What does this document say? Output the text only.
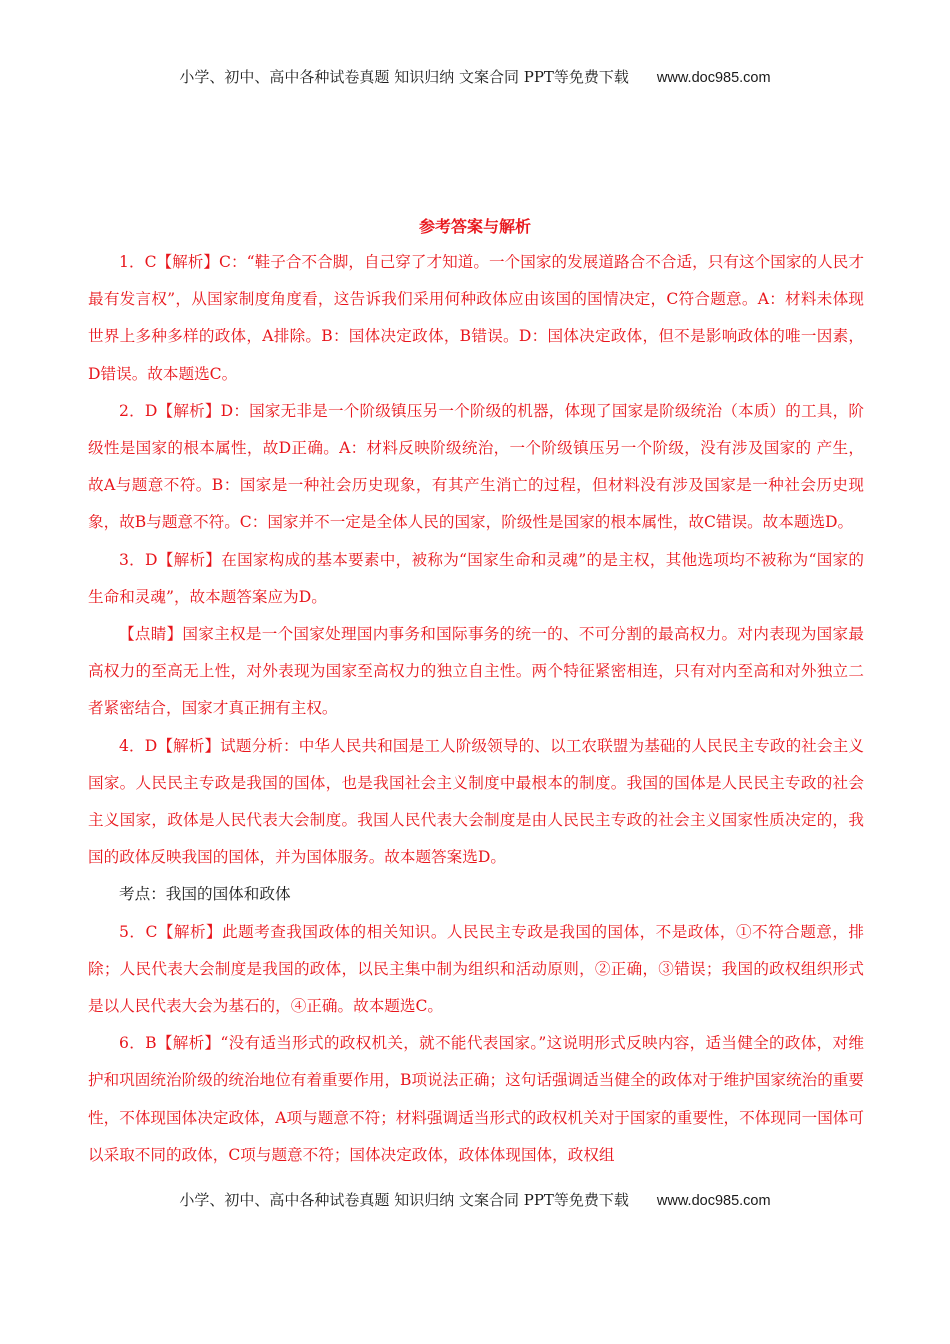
小学、初中、高中各种试卷真题 知识归纳 文案合同 PPT等免费下载 www.doc985.com
参考答案与解析

1．C【解析】C：“鞋子合不合脚，自己穿了才知道。一个国家的发展道路合不合适，只有这个国家的人民才最有发言权”，从国家制度角度看，这告诉我们采用何种政体应由该国的国情决定，C符合题意。A：材料未体现世界上多种多样的政体，A排除。B：国体决定政体，B错误。D：国体决定政体，但不是影响政体的唯一因素，D错误。故本题选C。

2．D【解析】D：国家无非是一个阶级镇压另一个阶级的机器，体现了国家是阶级统治（本质）的工具，阶级性是国家的根本属性，故D正确。A：材料反映阶级统治，一个阶级镇压另一个阶级，没有涉及国家的 产生，故A与题意不符。B：国家是一种社会历史现象，有其产生消亡的过程，但材料没有涉及国家是一种社会历史现象，故B与题意不符。C：国家并不一定是全体人民的国家，阶级性是国家的根本属性，故C错误。故本题选D。

3．D【解析】在国家构成的基本要素中，被称为“国家生命和灵魂”的是主权，其他选项均不被称为“国家的生命和灵魂”，故本题答案应为D。

【点睛】国家主权是一个国家处理国内事务和国际事务的统一的、不可分割的最高权力。对内表现为国家最高权力的至高无上性，对外表现为国家至高权力的独立自主性。两个特征紧密相连，只有对内至高和对外独立二者紧密结合，国家才真正拥有主权。

4．D【解析】试题分析：中华人民共和国是工人阶级领导的、以工农联盟为基础的人民民主专政的社会主义国家。人民民主专政是我国的国体，也是我国社会主义制度中最根本的制度。我国的国体是人民民主专政的社会主义国家，政体是人民代表大会制度。我国人民代表大会制度是由人民民主专政的社会主义国家性质决定的，我国的政体反映我国的国体，并为国体服务。故本题答案选D。

考点：我国的国体和政体

5．C【解析】此题考查我国政体的相关知识。人民民主专政是我国的国体，不是政体，①不符合题意，排除；人民代表大会制度是我国的政体，以民主集中制为组织和活动原则，②正确，③错误；我国的政权组织形式是以人民代表大会为基石的，④正确。故本题选C。

6．B【解析】“没有适当形式的政权机关，就不能代表国家。”这说明形式反映内容，适当健全的政体，对维护和巩固统治阶级的统治地位有着重要作用，B项说法正确；这句话强调适当健全的政体对于维护国家统治的重要性，不体现国体决定政体，A项与题意不符；材料强调适当形式的政权机关对于国家的重要性，不体现同一国体可以采取不同的政体，C项与题意不符；国体决定政体，政体体现国体，政权组

小学、初中、高中各种试卷真题 知识归纳 文案合同 PPT等免费下载 www.doc985.com
